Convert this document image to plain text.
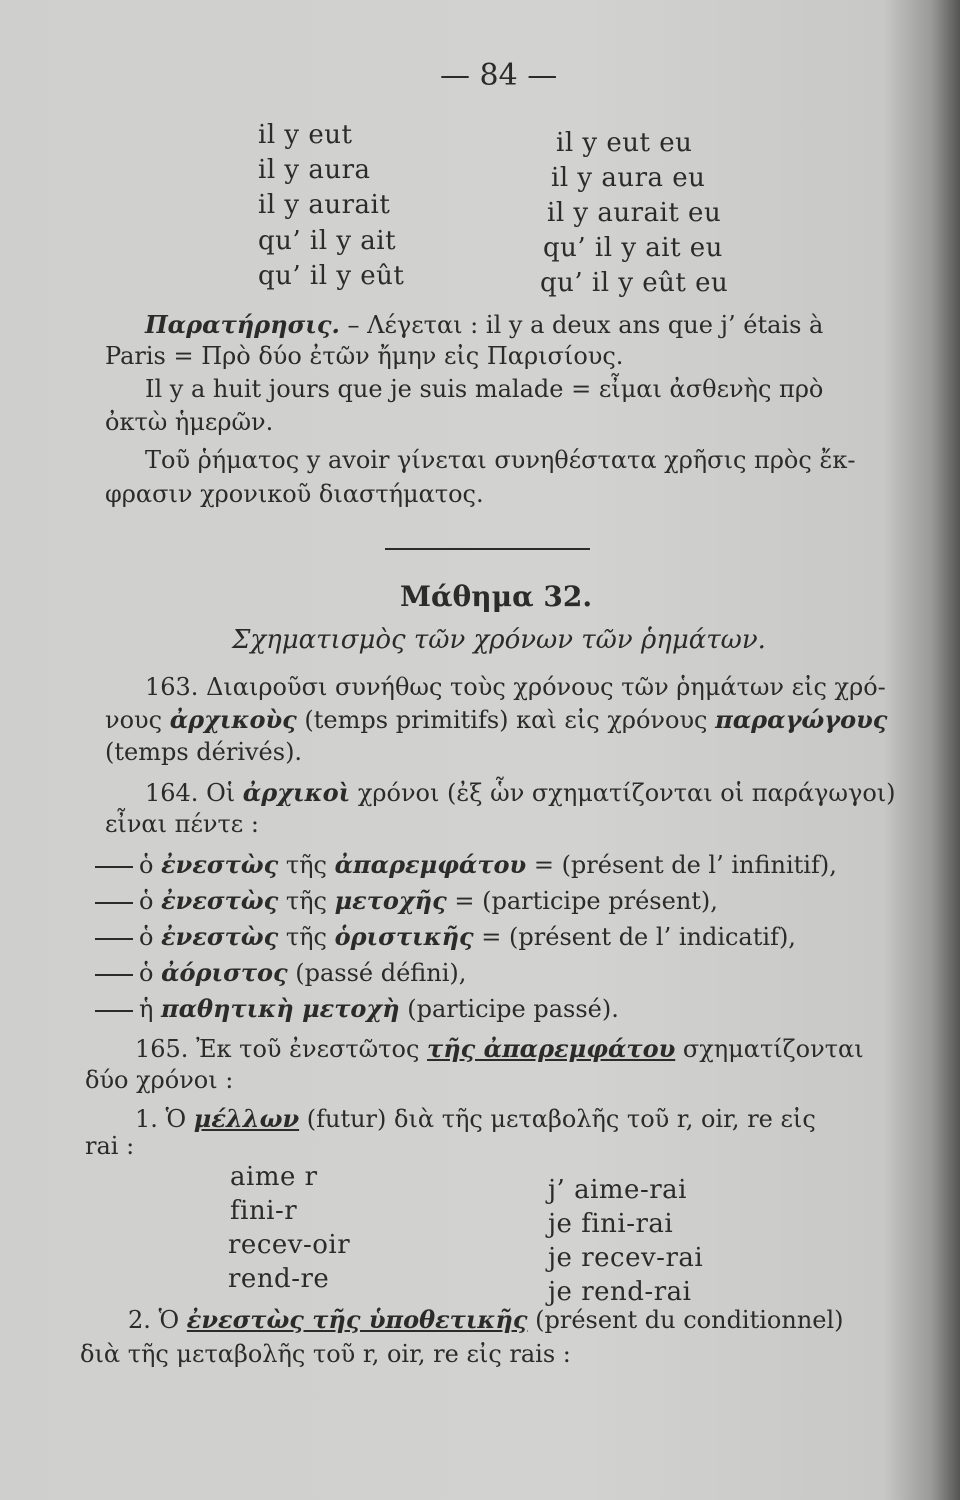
— 84 —
il y eut
il y aura
il y aurait
qu’ il y ait
qu’ il y eût
il y eut eu
il y aura eu
il y aurait eu
qu’ il y ait eu
qu’ il y eût eu
Παρατήρησις. – Λέγεται : il y a deux ans que j’ étais à
Paris = Πρὸ δύο ἐτῶν ἤμην εἰς Παρισίους.
Il y a huit jours que je suis malade = εἶμαι ἀσθενὴς πρὸ
ὀκτὼ ἡμερῶν.
Τοῦ ῥήματος y avoir γίνεται συνηθέστατα χρῆσις πρὸς ἔκ-
φρασιν χρονικοῦ διαστήματος.
Μάθημα 32.
Σχηματισμὸς τῶν χρόνων τῶν ῥημάτων.
163. Διαιροῦσι συνήθως τοὺς χρόνους τῶν ῥημάτων εἰς χρό-
νους ἀρχικοὺς (temps primitifs) καὶ εἰς χρόνους παραγώγους
(temps dérivés).
164. Οἱ ἀρχικοὶ χρόνοι (ἐξ ὧν σχηματίζονται οἱ παράγωγοι)
εἶναι πέντε :
ὁ ἐνεστὼς τῆς ἀπαρεμφάτου = (présent de l’ infinitif),
ὁ ἐνεστὼς τῆς μετοχῆς = (participe présent),
ὁ ἐνεστὼς τῆς ὁριστικῆς = (présent de l’ indicatif),
ὁ ἀόριστος (passé défini),
ἡ παθητικὴ μετοχὴ (participe passé).
165. Ἐκ τοῦ ἐνεστῶτος τῆς ἀπαρεμφάτου σχηματίζονται
δύο χρόνοι :
1. Ὁ μέλλων (futur) διὰ τῆς μεταβολῆς τοῦ r, oir, re εἰς
rai :
aime r
fini-r
recev-oir
rend-re
j’ aime-rai
je fini-rai
je recev-rai
je rend-rai
2. Ὁ ἐνεστὼς τῆς ὑποθετικῆς (présent du conditionnel)
διὰ τῆς μεταβολῆς τοῦ r, oir, re εἰς rais :
